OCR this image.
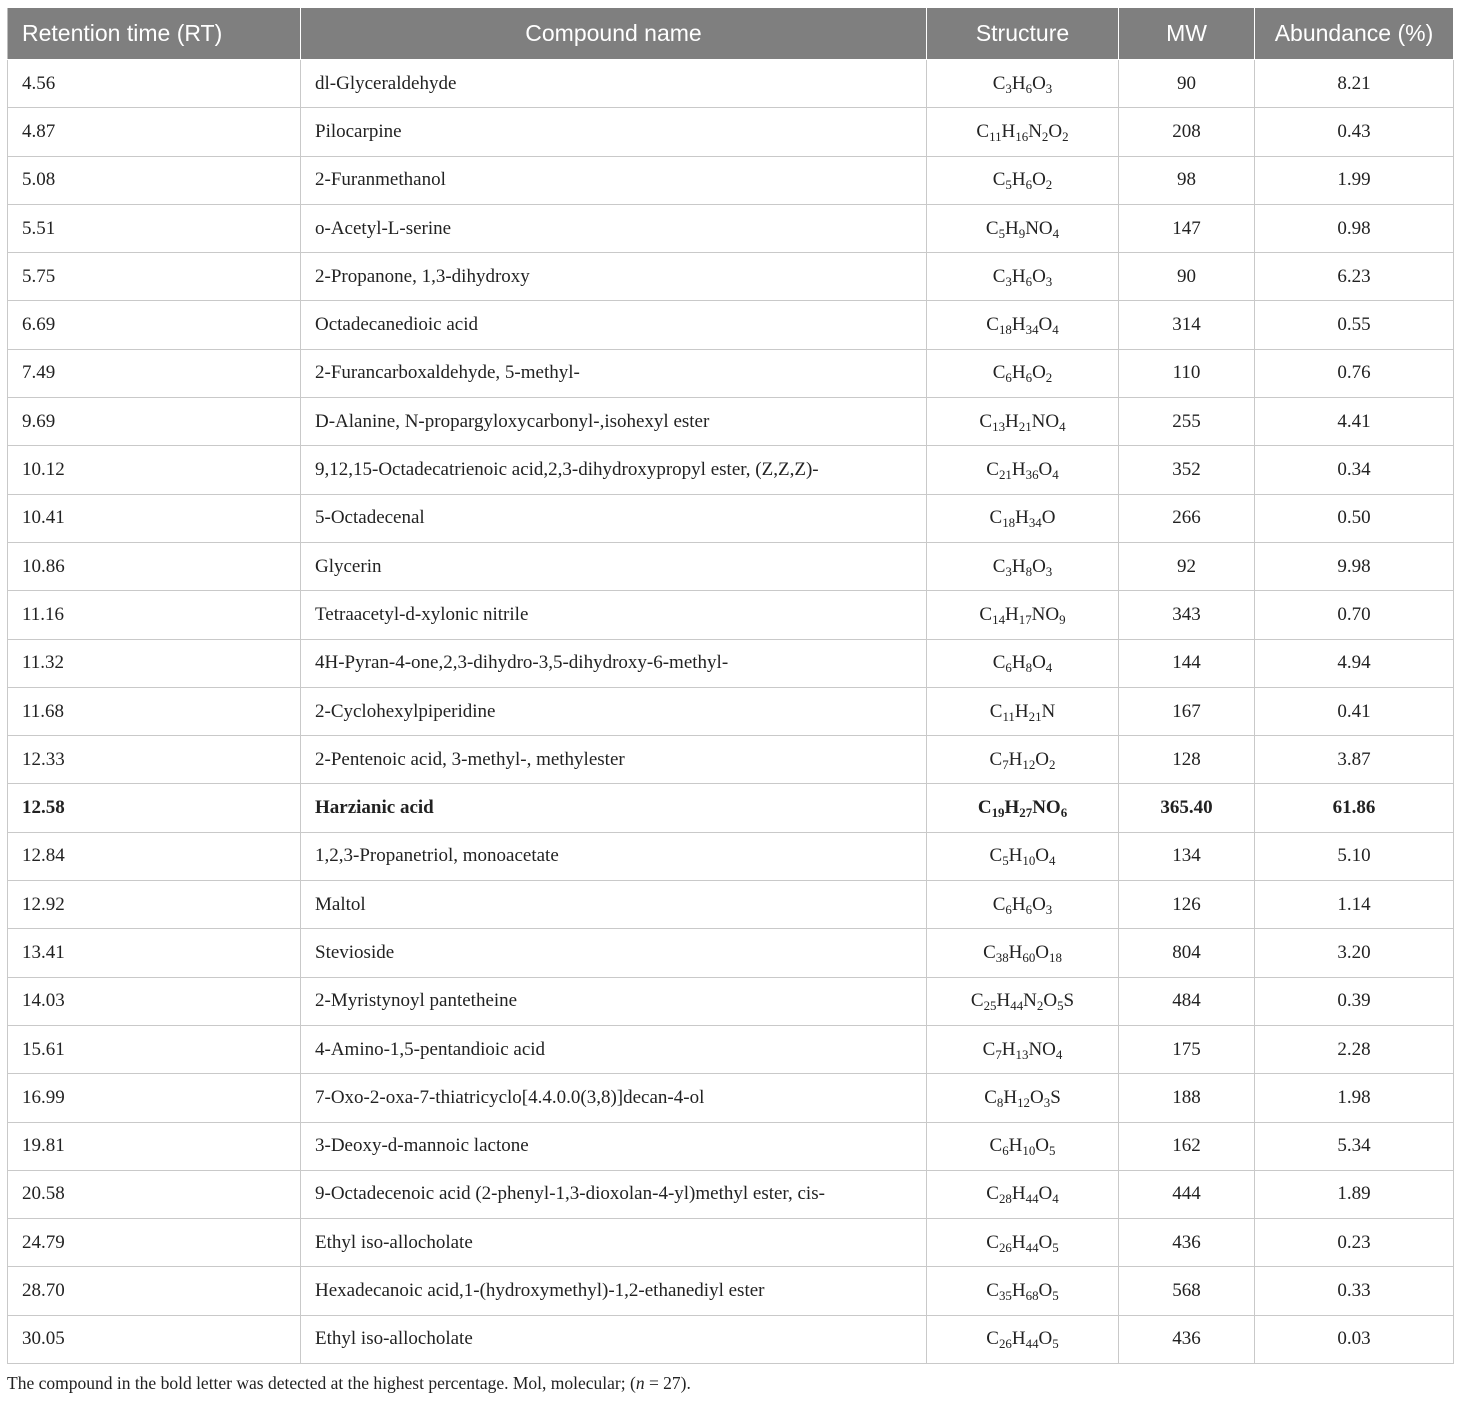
Retention time (RT)	Compound name	Structure	MW	Abundance (%)
4.56	dl-Glyceraldehyde	$C_3H_6O_3$	90	8.21
4.87	Pilocarpine	$C_{11}H_{16}N_2O_2$	208	0.43
5.08	2-Furanmethanol	$C_5H_6O_2$	98	1.99
5.51	o-Acetyl-L-serine	$C_5H_9NO_4$	147	0.98
5.75	2-Propanone, 1,3-dihydroxy	$C_3H_6O_3$	90	6.23
6.69	Octadecanedioic acid	$C_{18}H_{34}O_4$	314	0.55
7.49	2-Furancarboxaldehyde, 5-methyl-	$C_6H_6O_2$	110	0.76
9.69	D-Alanine, N-propargyloxycarbonyl-,isohexyl ester	$C_{13}H_{21}NO_4$	255	4.41
10.12	9,12,15-Octadecatrienoic acid,2,3-dihydroxypropyl ester, (Z,Z,Z)-	$C_{21}H_{36}O_4$	352	0.34
10.41	5-Octadecenal	$C_{18}H_{34}O$	266	0.50
10.86	Glycerin	$C_3H_8O_3$	92	9.98
11.16	Tetraacetyl-d-xylonic nitrile	$C_{14}H_{17}NO_9$	343	0.70
11.32	4H-Pyran-4-one,2,3-dihydro-3,5-dihydroxy-6-methyl-	$C_6H_8O_4$	144	4.94
11.68	2-Cyclohexylpiperidine	$C_{11}H_{21}N$	167	0.41
12.33	2-Pentenoic acid, 3-methyl-, methylester	$C_7H_{12}O_2$	128	3.87
12.58	Harzianic acid	$C_{19}H_{27}NO_6$	365.40	61.86
12.84	1,2,3-Propanetriol, monoacetate	$C_5H_{10}O_4$	134	5.10
12.92	Maltol	$C_6H_6O_3$	126	1.14
13.41	Stevioside	$C_{38}H_{60}O_{18}$	804	3.20
14.03	2-Myristynoyl pantetheine	$C_{25}H_{44}N_2O_5S$	484	0.39
15.61	4-Amino-1,5-pentandioic acid	$C_7H_{13}NO_4$	175	2.28
16.99	7-Oxo-2-oxa-7-thiatricyclo[4.4.0.0(3,8)]decan-4-ol	$C_8H_{12}O_3S$	188	1.98
19.81	3-Deoxy-d-mannoic lactone	$C_6H_{10}O_5$	162	5.34
20.58	9-Octadecenoic acid (2-phenyl-1,3-dioxolan-4-yl)methyl ester, cis-	$C_{28}H_{44}O_4$	444	1.89
24.79	Ethyl iso-allocholate	$C_{26}H_{44}O_5$	436	0.23
28.70	Hexadecanoic acid,1-(hydroxymethyl)-1,2-ethanediyl ester	$C_{35}H_{68}O_5$	568	0.33
30.05	Ethyl iso-allocholate	$C_{26}H_{44}O_5$	436	0.03
The compound in the bold letter was detected at the highest percentage. Mol, molecular; (n = 27).
